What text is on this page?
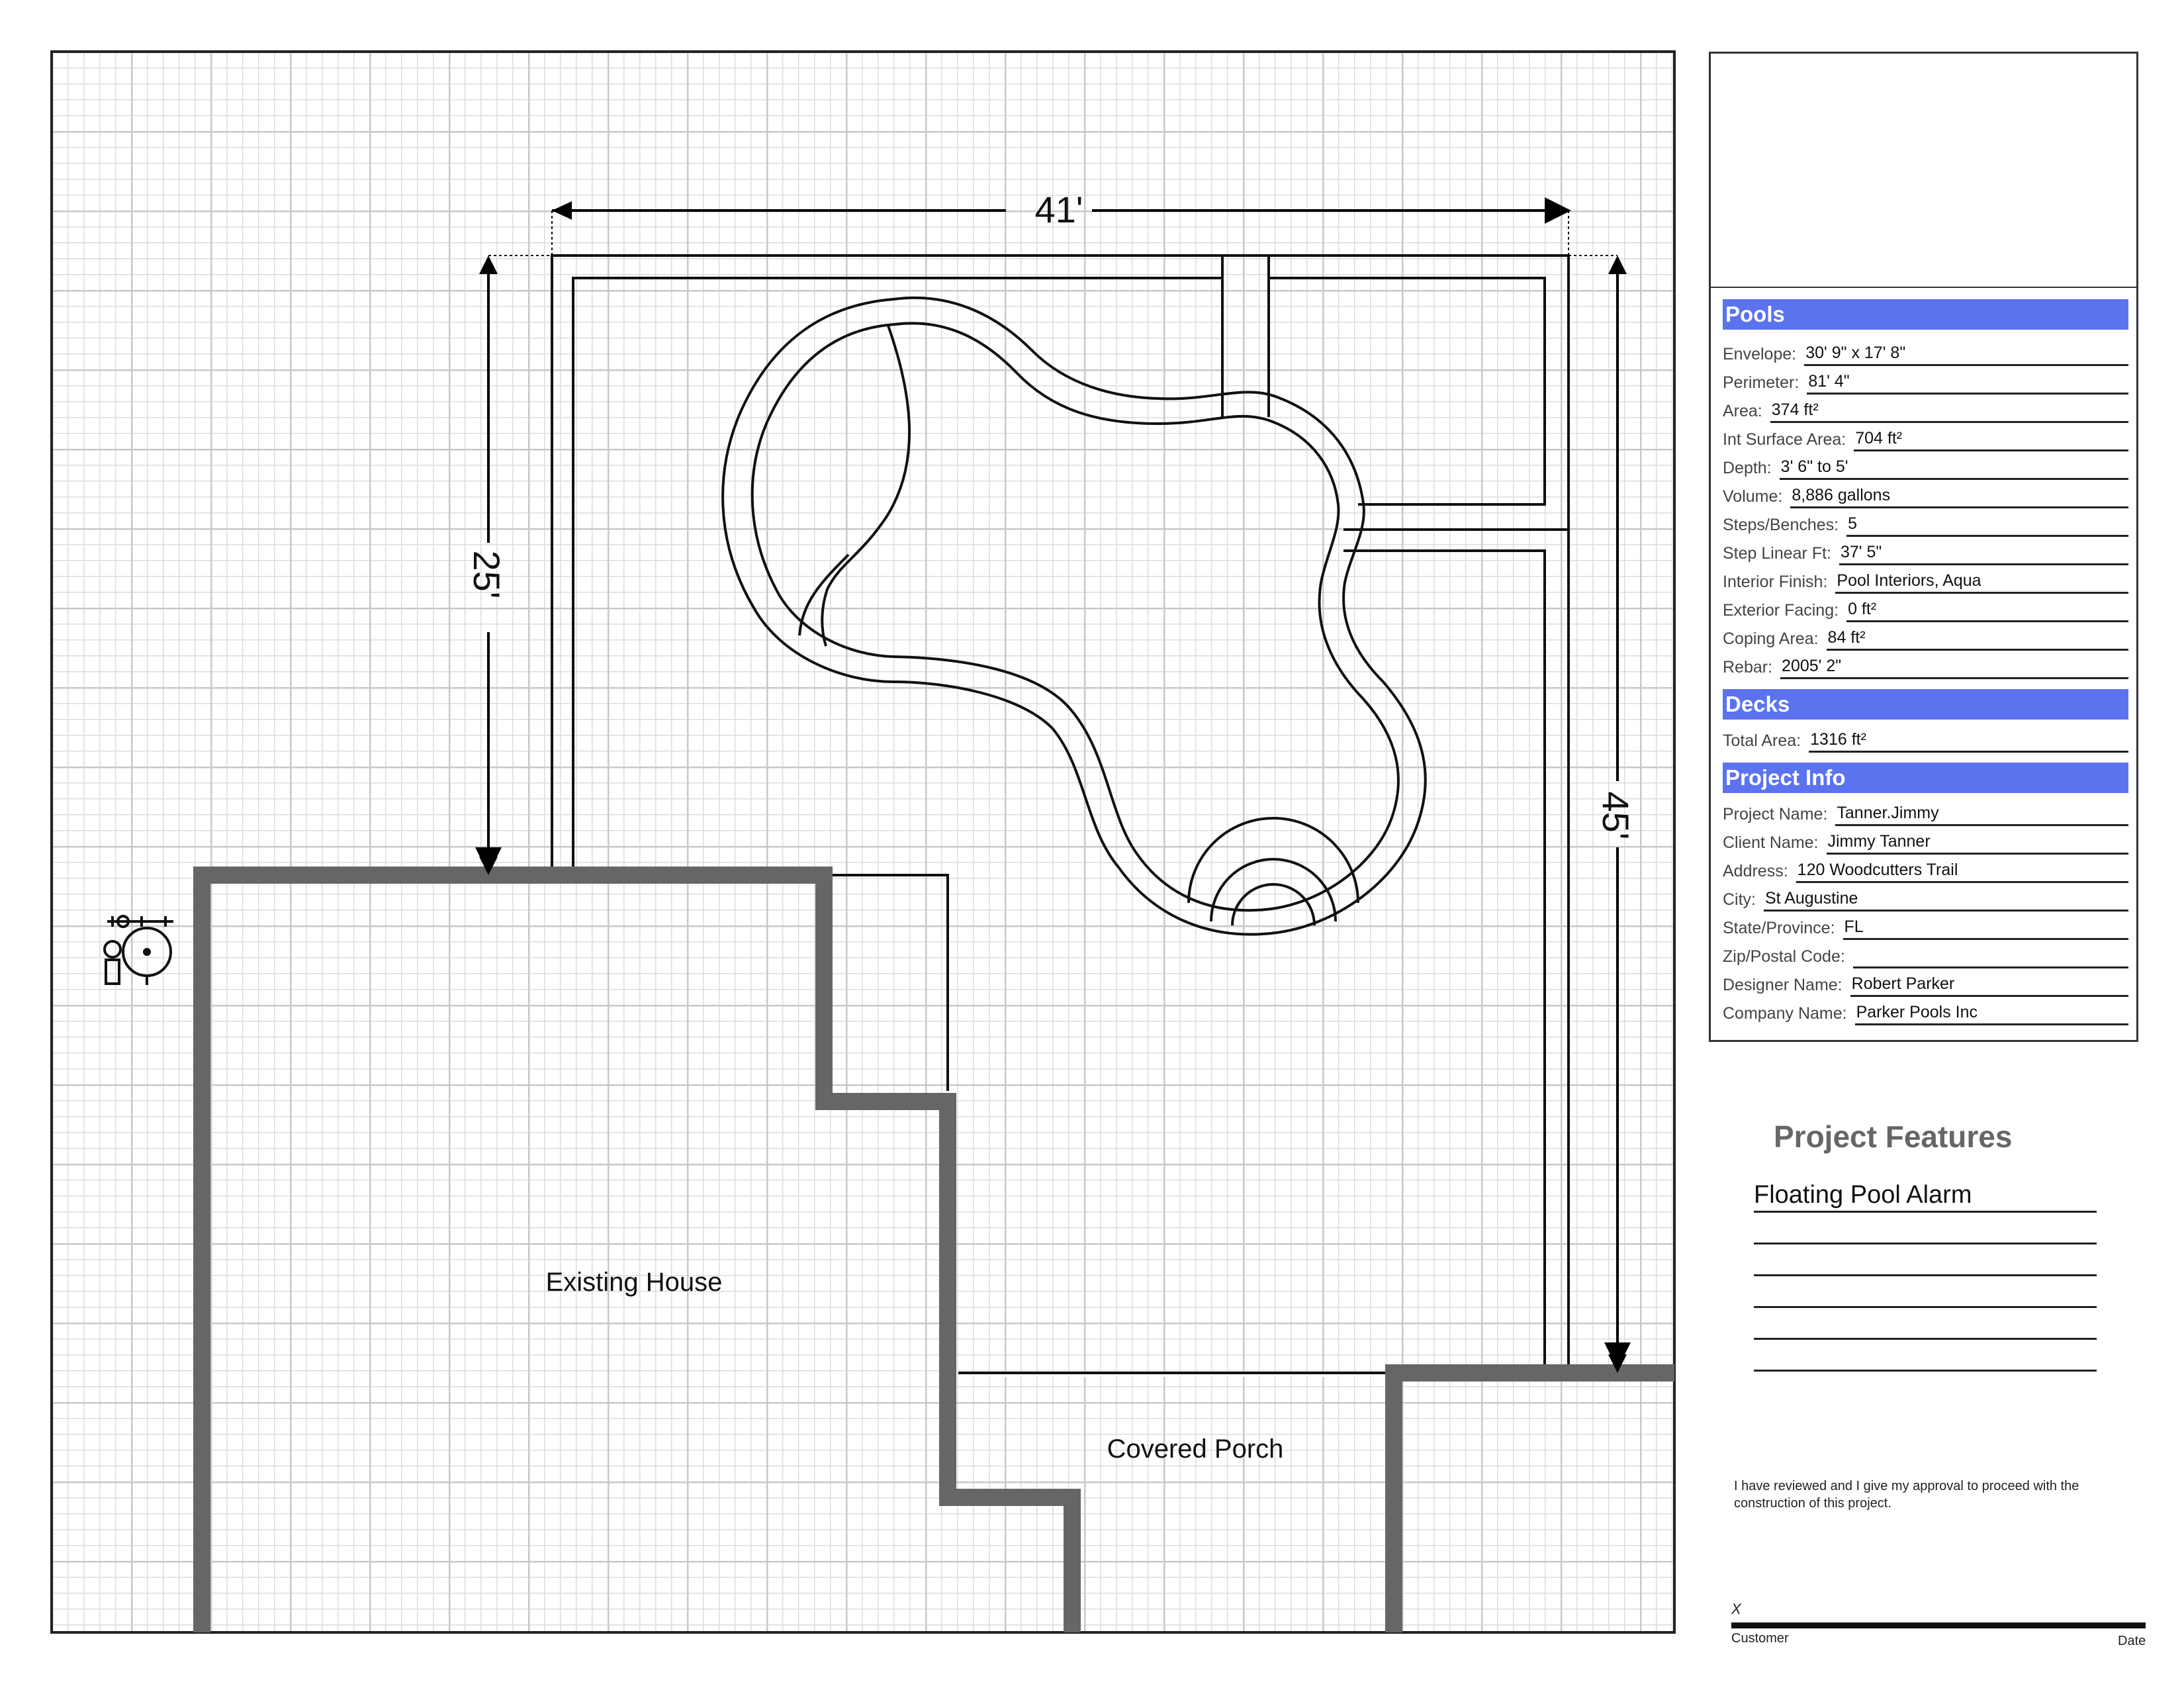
41'
25'
45'
Existing House
Covered Porch
Pools
Envelope: 30' 9" x 17' 8"
Perimeter: 81' 4"
Area: 374 ft²
Int Surface Area: 704 ft²
Depth: 3' 6" to 5'
Volume: 8,886 gallons
Steps/Benches: 5
Step Linear Ft: 37' 5"
Interior Finish: Pool Interiors, Aqua
Exterior Facing: 0 ft²
Coping Area: 84 ft²
Rebar: 2005' 2"
Decks
Total Area: 1316 ft²
Project Info
Project Name: Tanner.Jimmy
Client Name: Jimmy Tanner
Address: 120 Woodcutters Trail
City: St Augustine
State/Province: FL
Zip/Postal Code:
Designer Name: Robert Parker
Company Name: Parker Pools Inc
Project Features
Floating Pool Alarm
I have reviewed and I give my approval to proceed with the construction of this project.
X
Customer	Date
